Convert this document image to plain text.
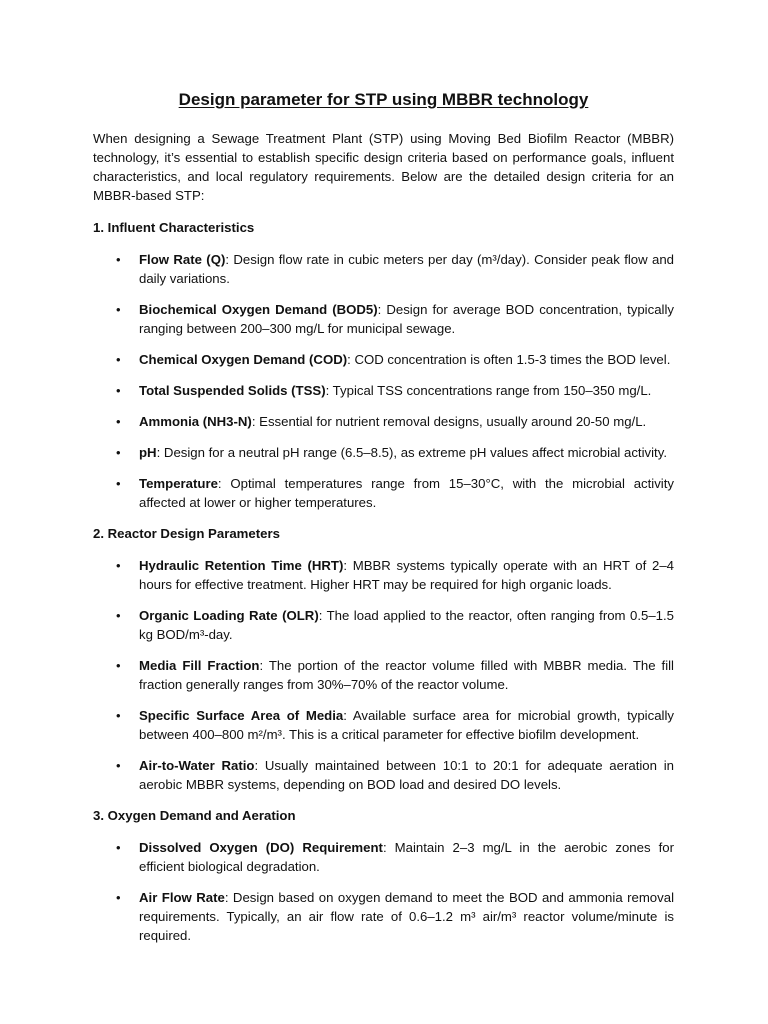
Design parameter for STP using MBBR technology

When designing a Sewage Treatment Plant (STP) using Moving Bed Biofilm Reactor (MBBR) technology, it’s essential to establish specific design criteria based on performance goals, influent characteristics, and local regulatory requirements. Below are the detailed design criteria for an MBBR-based STP:

1. Influent Characteristics
• Flow Rate (Q): Design flow rate in cubic meters per day (m³/day). Consider peak flow and daily variations.
• Biochemical Oxygen Demand (BOD5): Design for average BOD concentration, typically ranging between 200–300 mg/L for municipal sewage.
• Chemical Oxygen Demand (COD): COD concentration is often 1.5-3 times the BOD level.
• Total Suspended Solids (TSS): Typical TSS concentrations range from 150–350 mg/L.
• Ammonia (NH3-N): Essential for nutrient removal designs, usually around 20-50 mg/L.
• pH: Design for a neutral pH range (6.5–8.5), as extreme pH values affect microbial activity.
• Temperature: Optimal temperatures range from 15–30°C, with the microbial activity affected at lower or higher temperatures.
2. Reactor Design Parameters
• Hydraulic Retention Time (HRT): MBBR systems typically operate with an HRT of 2–4 hours for effective treatment. Higher HRT may be required for high organic loads.
• Organic Loading Rate (OLR): The load applied to the reactor, often ranging from 0.5–1.5 kg BOD/m³-day.
• Media Fill Fraction: The portion of the reactor volume filled with MBBR media. The fill fraction generally ranges from 30%–70% of the reactor volume.
• Specific Surface Area of Media: Available surface area for microbial growth, typically between 400–800 m²/m³. This is a critical parameter for effective biofilm development.
• Air-to-Water Ratio: Usually maintained between 10:1 to 20:1 for adequate aeration in aerobic MBBR systems, depending on BOD load and desired DO levels.
3. Oxygen Demand and Aeration
• Dissolved Oxygen (DO) Requirement: Maintain 2–3 mg/L in the aerobic zones for efficient biological degradation.
• Air Flow Rate: Design based on oxygen demand to meet the BOD and ammonia removal requirements. Typically, an air flow rate of 0.6–1.2 m³ air/m³ reactor volume/minute is required.
